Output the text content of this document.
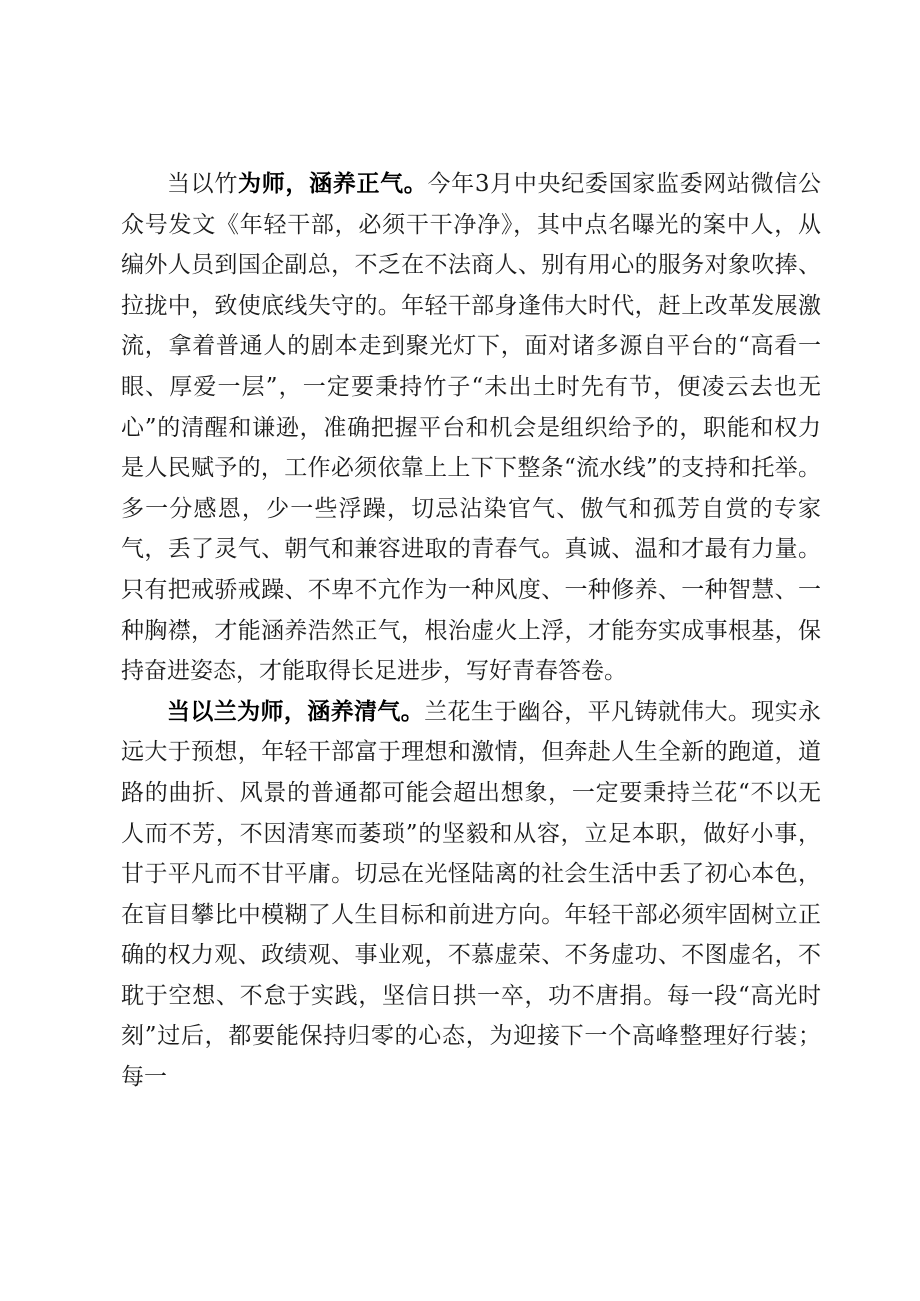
当以竹为师，涵养正气。今年3月中央纪委国家监委网站微信公众号发文《年轻干部，必须干干净净》，其中点名曝光的案中人，从编外人员到国企副总，不乏在不法商人、别有用心的服务对象吹捧、拉拢中，致使底线失守的。年轻干部身逢伟大时代，赶上改革发展激流，拿着普通人的剧本走到聚光灯下，面对诸多源自平台的“高看一眼、厚爱一层”，一定要秉持竹子“未出土时先有节，便凌云去也无心”的清醒和谦逊，准确把握平台和机会是组织给予的，职能和权力是人民赋予的，工作必须依靠上上下下整条“流水线”的支持和托举。多一分感恩，少一些浮躁，切忌沾染官气、傲气和孤芳自赏的专家气，丢了灵气、朝气和兼容进取的青春气。真诚、温和才最有力量。只有把戒骄戒躁、不卑不亢作为一种风度、一种修养、一种智慧、一种胸襟，才能涵养浩然正气，根治虚火上浮，才能夯实成事根基，保持奋进姿态，才能取得长足进步，写好青春答卷。

当以兰为师，涵养清气。兰花生于幽谷，平凡铸就伟大。现实永远大于预想，年轻干部富于理想和激情，但奔赴人生全新的跑道，道路的曲折、风景的普通都可能会超出想象，一定要秉持兰花“不以无人而不芳，不因清寒而萎琐”的坚毅和从容，立足本职，做好小事，甘于平凡而不甘平庸。切忌在光怪陆离的社会生活中丢了初心本色，在盲目攀比中模糊了人生目标和前进方向。年轻干部必须牢固树立正确的权力观、政绩观、事业观，不慕虚荣、不务虚功、不图虚名，不耽于空想、不怠于实践，坚信日拱一卒，功不唐捐。每一段“高光时刻”过后，都要能保持归零的心态，为迎接下一个高峰整理好行装；每一
